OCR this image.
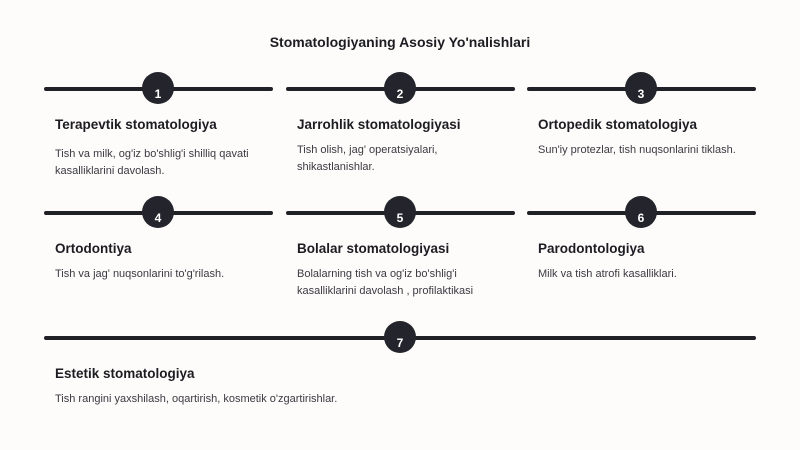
Stomatologiyaning Asosiy Yo'nalishlari
1
Terapevtik stomatologiya
Tish va milk, og'iz bo'shlig'i shilliq qavati kasalliklarini davolash.
2
Jarrohlik stomatologiyasi
Tish olish, jag' operatsiyalari, shikastlanishlar.
3
Ortopedik stomatologiya
Sun'iy protezlar, tish nuqsonlarini tiklash.
4
Ortodontiya
Tish va jag' nuqsonlarini to'g'rilash.
5
Bolalar stomatologiyasi
Bolalarning tish va og'iz bo'shlig'i kasalliklarini davolash , profilaktikasi
6
Parodontologiya
Milk va tish atrofi kasalliklari.
7
Estetik stomatologiya
Tish rangini yaxshilash, oqartirish, kosmetik o'zgartirishlar.
